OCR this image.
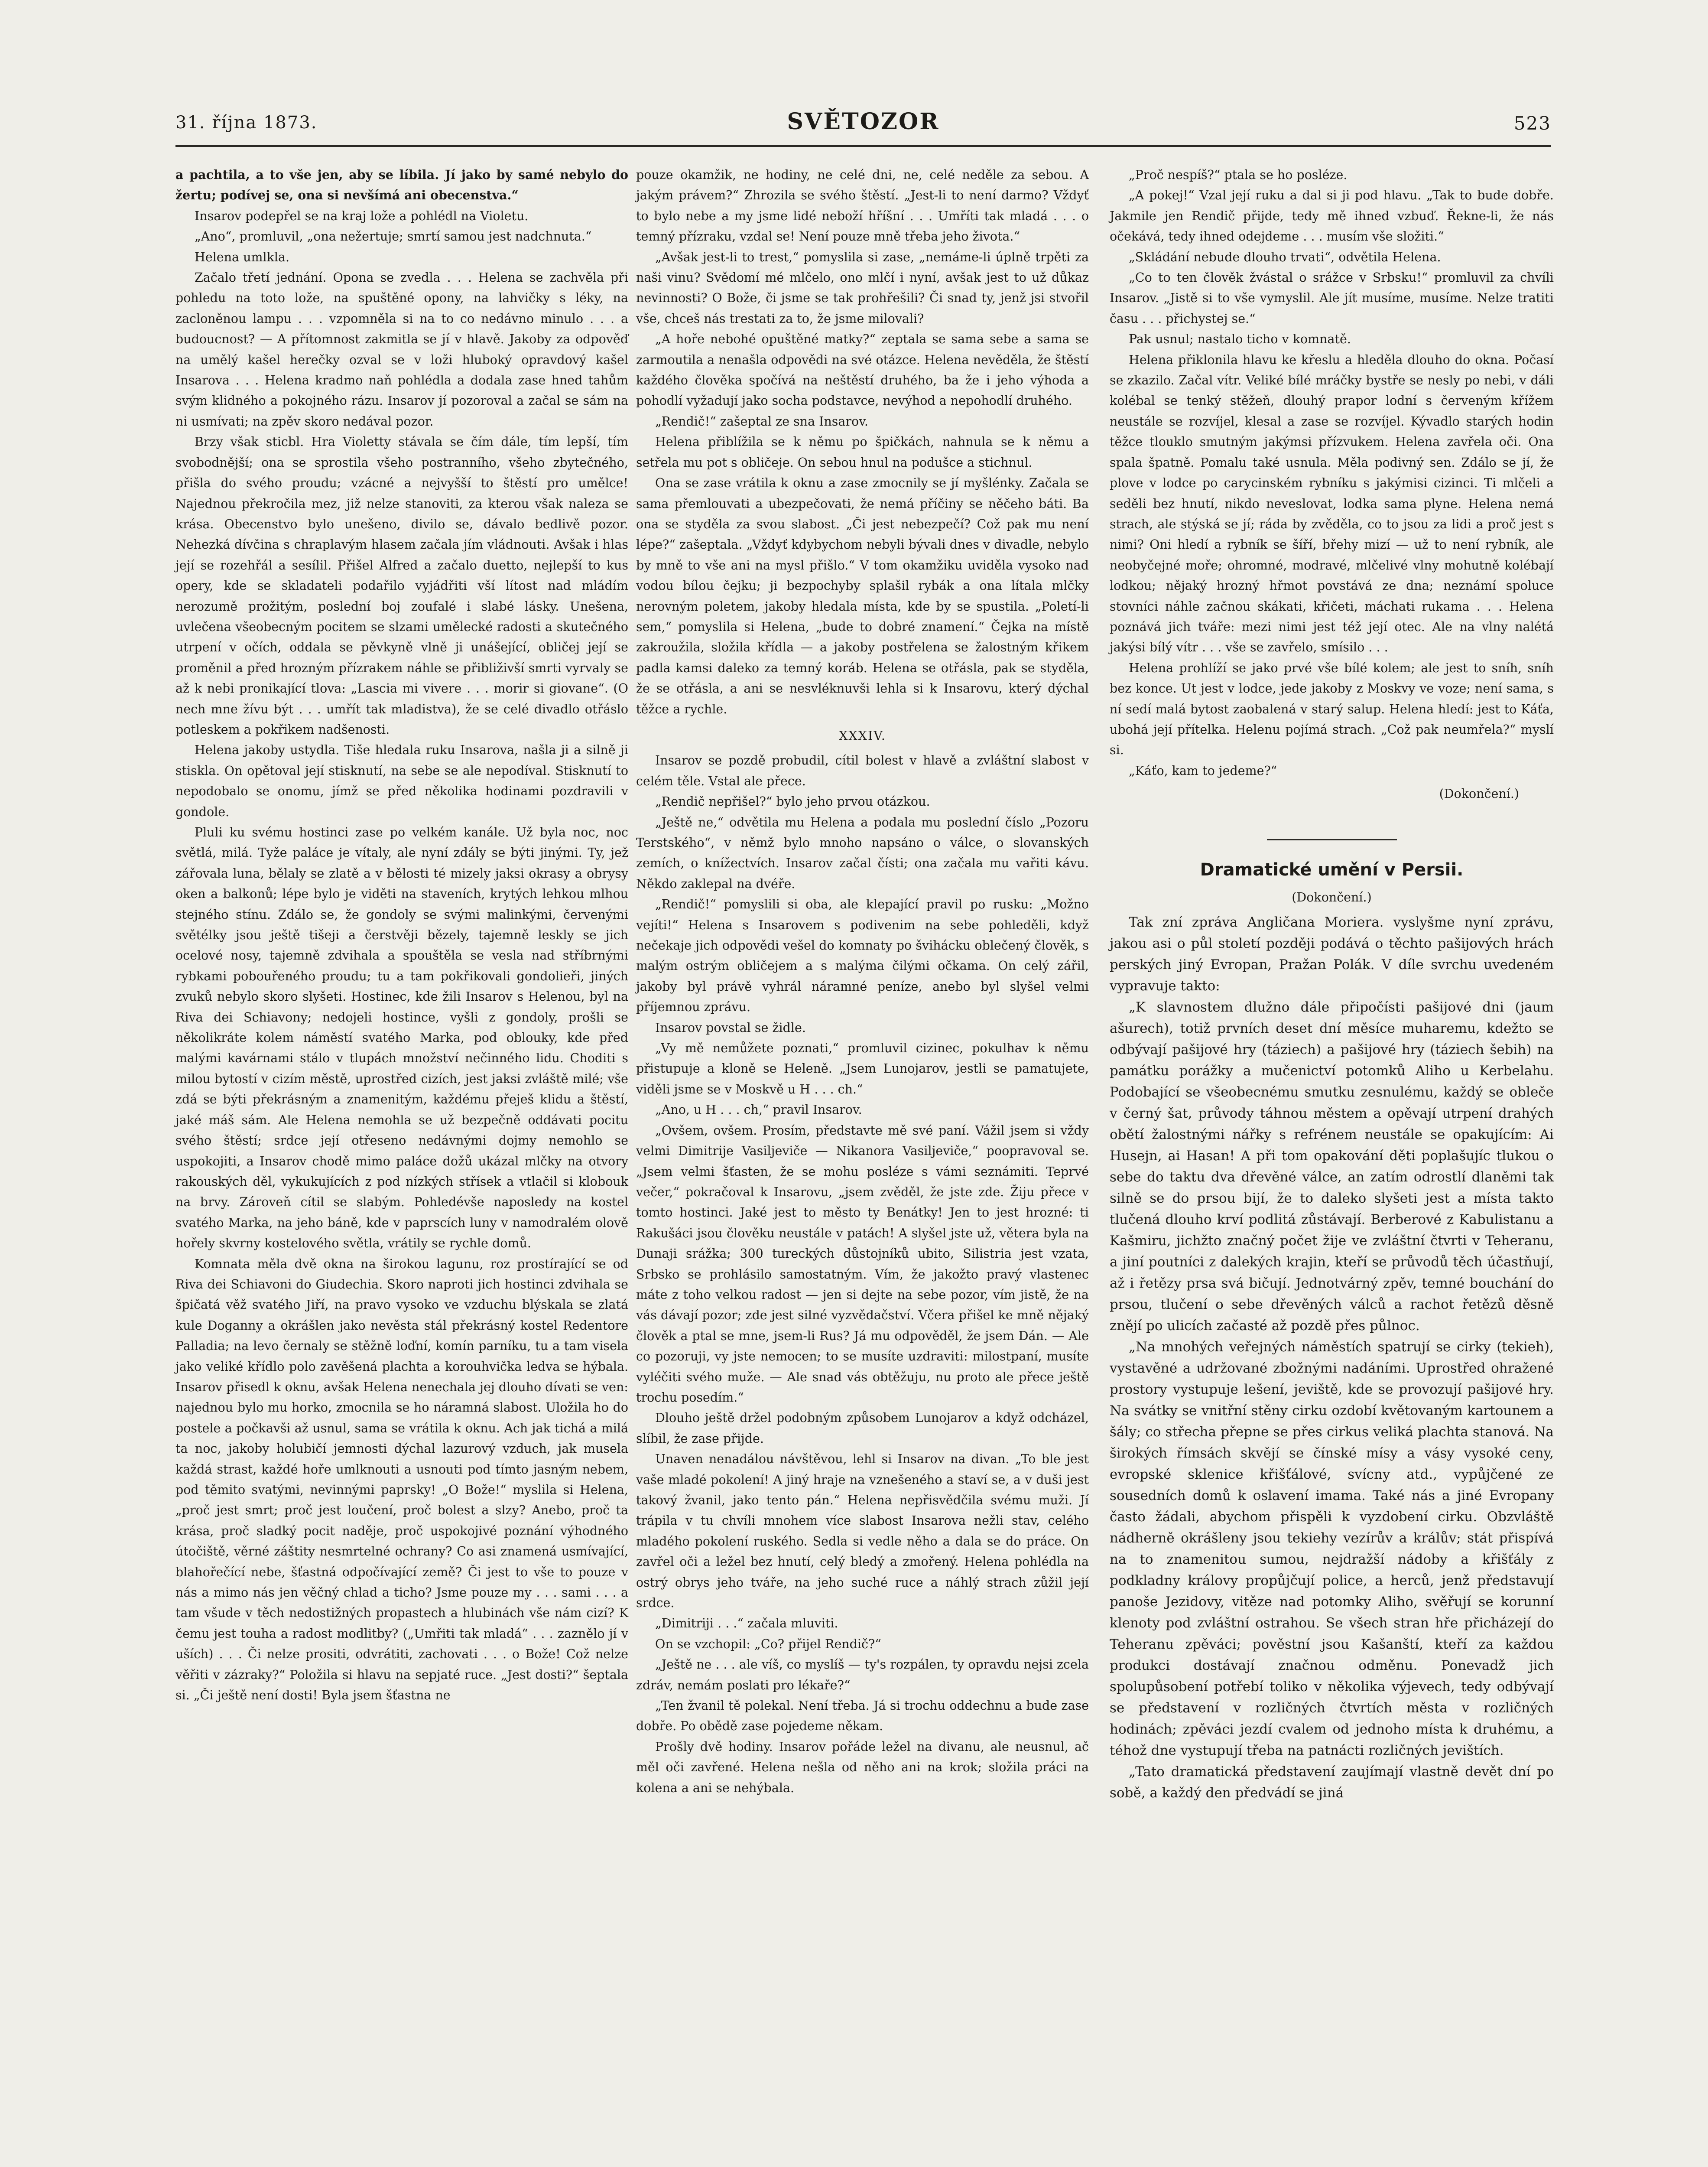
31. října 1873.	SVĚTOZOR	523

a pachtila, a to vše jen, aby se líbila. Jí jako by samé nebylo do žertu; podívej se, ona si nevšímá ani obecenstva.“

Insarov podepřel se na kraj lože a pohlédl na Violetu.

„Ano“, promluvil, „ona nežertuje; smrtí samou jest nadchnuta.“

Helena umlkla.

Začalo třetí jednání. Opona se zvedla . . . Helena se zachvěla při pohledu na toto lože, na spuštěné opony, na lahvičky s léky, na zacloněnou lampu . . . vzpomněla si na to co nedávno minulo . . . a budoucnost? — A přítomnost zakmitla se jí v hlavě. Jakoby za odpověď na umělý kašel herečky ozval se v loži hluboký opravdový kašel Insarova . . . Helena kradmo naň pohlédla a dodala zase hned tahům svým klidného a pokojného rázu. Insarov jí pozoroval a začal se sám na ni usmívati; na zpěv skoro nedával pozor.

Brzy však sticbl. Hra Violetty stávala se čím dále, tím lepší, tím svobodnější; ona se sprostila všeho postranního, všeho zbytečného, přišla do svého proudu; vzácné a nejvyšší to štěstí pro umělce! Najednou překročila mez, již nelze stanoviti, za kterou však naleza se krása. Obecenstvo bylo unešeno, divilo se, dávalo bedlivě pozor. Nehezká dívčina s chraplavým hlasem začala jím vládnouti. Avšak i hlas její se rozehřál a sesílil. Přišel Alfred a začalo duetto, nejlepší to kus opery, kde se skladateli podařilo vyjádřiti vší lítost nad mládím nerozumě prožitým, poslední boj zoufalé i slabé lásky. Unešena, uvlečena všeobecným pocitem se slzami umělecké radosti a skutečného utrpení v očích, oddala se pěvkyně vlně ji unášející, obličej její se proměnil a před hrozným přízrakem náhle se přibliživší smrti vyrvaly se až k nebi pronikající tlova: „Lascia mi vivere . . . morir si giovane“. (O nech mne žívu být . . . umřít tak mladistva), že se celé divadlo otřáslo potleskem a pokřikem nadšenosti.

Helena jakoby ustydla. Tiše hledala ruku Insarova, našla ji a silně ji stiskla. On opětoval její stisknutí, na sebe se ale nepodíval. Stisknutí to nepodobalo se onomu, jímž se před několika hodinami pozdravili v gondole.

Pluli ku svému hostinci zase po velkém kanále. Už byla noc, noc světlá, milá. Tyže paláce je vítaly, ale nyní zdály se býti jinými. Ty, jež zářovala luna, bělaly se zlatě a v bělosti té mizely jaksi okrasy a obrysy oken a balkonů; lépe bylo je viděti na staveních, krytých lehkou mlhou stejného stínu. Zdálo se, že gondoly se svými malinkými, červenými světélky jsou ještě tišeji a čerstvěji bězely, tajemně leskly se jich ocelové nosy, tajemně zdvihala a spouštěla se vesla nad stříbrnými rybkami pobouřeného proudu; tu a tam pokřikovali gondolieři, jiných zvuků nebylo skoro slyšeti. Hostinec, kde žili Insarov s Helenou, byl na Riva dei Schiavony; nedojeli hostince, vyšli z gondoly, prošli se několikráte kolem náměstí svatého Marka, pod oblouky, kde před malými kavárnami stálo v tlupách množství nečinného lidu. Choditi s milou bytostí v cizím městě, uprostřed cizích, jest jaksi zvláště milé; vše zdá se býti překrásným a znamenitým, každému přeješ klidu a štěstí, jaké máš sám. Ale Helena nemohla se už bezpečně oddávati pocitu svého štěstí; srdce její otřeseno nedávnými dojmy nemohlo se uspokojiti, a Insarov chodě mimo paláce dožů ukázal mlčky na otvory rakouských děl, vykukujících z pod nízkých střísek a vtlačil si klobouk na brvy. Zároveň cítil se slabým. Pohledévše naposledy na kostel svatého Marka, na jeho báně, kde v paprscích luny v namodralém olově hořely skvrny kostelového světla, vrátily se rychle domů.

Komnata měla dvě okna na širokou lagunu, roz prostírající se od Riva dei Schiavoni do Giudechia. Skoro naproti jich hostinci zdvihala se špičatá věž svatého Jiří, na pravo vysoko ve vzduchu blýskala se zlatá kule Doganny a okrášlen jako nevěsta stál překrásný kostel Redentore Palladia; na levo černaly se stěžně loďní, komín parníku, tu a tam visela jako veliké křídlo polo zavěšená plachta a korouhvička ledva se hýbala. Insarov přisedl k oknu, avšak Helena nenechala jej dlouho dívati se ven: najednou bylo mu horko, zmocnila se ho náramná slabost. Uložila ho do postele a počkavši až usnul, sama se vrátila k oknu. Ach jak tichá a milá ta noc, jakoby holubičí jemnosti dýchal lazurový vzduch, jak musela každá strast, každé hoře umlknouti a usnouti pod tímto jasným nebem, pod těmito svatými, nevinnými paprsky! „O Bože!“ myslila si Helena, „proč jest smrt; proč jest loučení, proč bolest a slzy? Anebo, proč ta krása, proč sladký pocit naděje, proč uspokojivé poznání výhodného útočiště, věrné záštity nesmrtelné ochrany? Co asi znamená usmívající, blahořečící nebe, šťastná odpočívající země? Či jest to vše to pouze v nás a mimo nás jen věčný chlad a ticho? Jsme pouze my . . . sami . . . a tam všude v těch nedostižných propastech a hlubinách vše nám cizí? K čemu jest touha a radost modlitby? („Umřiti tak mladá“ . . . zaznělo jí v uších) . . . Či nelze prositi, odvrátiti, zachovati . . . o Bože! Což nelze věřiti v zázraky?“ Položila si hlavu na sepjaté ruce. „Jest dosti?“ šeptala si. „Či ještě není dosti! Byla jsem šťastna ne

pouze okamžik, ne hodiny, ne celé dni, ne, celé neděle za sebou. A jakým právem?“ Zhrozila se svého štěstí. „Jest-li to není darmo? Vždyť to bylo nebe a my jsme lidé neboží hříšní . . . Umříti tak mladá . . . o temný přízraku, vzdal se! Není pouze mně třeba jeho života.“

„Avšak jest-li to trest,“ pomyslila si zase, „nemáme-li úplně trpěti za naši vinu? Svědomí mé mlčelo, ono mlčí i nyní, avšak jest to už důkaz nevinnosti? O Bože, či jsme se tak prohřešili? Či snad ty, jenž jsi stvořil vše, chceš nás trestati za to, že jsme milovali?

„A hoře nebohé opuštěné matky?“ zeptala se sama sebe a sama se zarmoutila a nenašla odpovědi na své otázce. Helena nevěděla, že štěstí každého člověka spočívá na neštěstí druhého, ba že i jeho výhoda a pohodlí vyžadují jako socha podstavce, nevýhod a nepohodlí druhého.

„Rendič!“ zašeptal ze sna Insarov.

Helena přiblížila se k němu po špičkách, nahnula se k němu a setřela mu pot s obličeje. On sebou hnul na podušce a stichnul.

Ona se zase vrátila k oknu a zase zmocnily se jí myšlénky. Začala se sama přemlouvati a ubezpečovati, že nemá příčiny se něčeho báti. Ba ona se styděla za svou slabost. „Či jest nebezpečí? Což pak mu není lépe?“ zašeptala. „Vždyť kdybychom nebyli bývali dnes v divadle, nebylo by mně to vše ani na mysl přišlo.“ V tom okamžiku uviděla vysoko nad vodou bílou čejku; ji bezpochyby splašil rybák a ona lítala mlčky nerovným poletem, jakoby hledala místa, kde by se spustila. „Poletí-li sem,“ pomyslila si Helena, „bude to dobré znamení.“ Čejka na místě zakroužila, složila křídla — a jakoby postřelena se žalostným křikem padla kamsi daleko za temný koráb. Helena se otřásla, pak se styděla, že se otřásla, a ani se nesvléknuvši lehla si k Insarovu, který dýchal těžce a rychle.

XXXIV.

Insarov se pozdě probudil, cítil bolest v hlavě a zvláštní slabost v celém těle. Vstal ale přece.

„Rendič nepřišel?“ bylo jeho prvou otázkou.

„Ještě ne,“ odvětila mu Helena a podala mu poslední číslo „Pozoru Terstského“, v němž bylo mnoho napsáno o válce, o slovanských zemích, o knížectvích. Insarov začal čísti; ona začala mu vařiti kávu. Někdo zaklepal na dvéře.

„Rendič!“ pomyslili si oba, ale klepající pravil po rusku: „Možno vejíti!“ Helena s Insarovem s podivenim na sebe pohleděli, když nečekaje jich odpovědi vešel do komnaty po švihácku oblečený člověk, s malým ostrým obličejem a s malýma čilými očkama. On celý zářil, jakoby byl právě vyhrál náramné peníze, anebo byl slyšel velmi příjemnou zprávu.

Insarov povstal se židle.

„Vy mě nemůžete poznati,“ promluvil cizinec, pokulhav k němu přistupuje a kloně se Heleně. „Jsem Lunojarov, jestli se pamatujete, viděli jsme se v Moskvě u H . . . ch.“

„Ano, u H . . . ch,“ pravil Insarov.

„Ovšem, ovšem. Prosím, představte mě své paní. Vážil jsem si vždy velmi Dimitrije Vasiljeviče — Nikanora Vasiljeviče,“ poopravoval se. „Jsem velmi šťasten, že se mohu posléze s vámi seznámiti. Teprvé večer,“ pokračoval k Insarovu, „jsem zvěděl, že jste zde. Žiju přece v tomto hostinci. Jaké jest to město ty Benátky! Jen to jest hrozné: ti Rakušáci jsou člověku neustále v patách! A slyšel jste už, větera byla na Dunaji srážka; 300 tureckých důstojníků ubito, Silistria jest vzata, Srbsko se prohlásilo samostatným. Vím, že jakožto pravý vlastenec máte z toho velkou radost — jen si dejte na sebe pozor, vím jistě, že na vás dávají pozor; zde jest silné vyzvědačství. Včera přišel ke mně nějaký člověk a ptal se mne, jsem-li Rus? Já mu odpověděl, že jsem Dán. — Ale co pozoruji, vy jste nemocen; to se musíte uzdraviti: milostpaní, musíte vyléčiti svého muže. — Ale snad vás obtěžuju, nu proto ale přece ještě trochu posedím.“

Dlouho ještě držel podobným způsobem Lunojarov a když odcházel, slíbil, že zase přijde.

Unaven nenadálou návštěvou, lehl si Insarov na divan. „To ble jest vaše mladé pokolení! A jiný hraje na vznešeného a staví se, a v duši jest takový žvanil, jako tento pán.“ Helena nepřisvědčila svému muži. Jí trápila v tu chvíli mnohem více slabost Insarova nežli stav, celého mladého pokolení ruského. Sedla si vedle něho a dala se do práce. On zavřel oči a ležel bez hnutí, celý bledý a zmořený. Helena pohlédla na ostrý obrys jeho tváře, na jeho suché ruce a náhlý strach zůžil její srdce.

„Dimitriji . . .“ začala mluviti.

On se vzchopil: „Co? přijel Rendič?“

„Ještě ne . . . ale víš, co myslíš — ty's rozpálen, ty opravdu nejsi zcela zdráv, nemám poslati pro lékaře?“

„Ten žvanil tě polekal. Není třeba. Já si trochu oddechnu a bude zase dobře. Po obědě zase pojedeme někam.

Prošly dvě hodiny. Insarov pořáde ležel na divanu, ale neusnul, ač měl oči zavřené. Helena nešla od něho ani na krok; složila práci na kolena a ani se nehýbala.

„Proč nespíš?“ ptala se ho posléze.

„A pokej!“ Vzal její ruku a dal si ji pod hlavu. „Tak to bude dobře. Jakmile jen Rendič přijde, tedy mě ihned vzbuď. Řekne-li, že nás očekává, tedy ihned odejdeme . . . musím vše složiti.“

„Skládání nebude dlouho trvati“, odvětila Helena.

„Co to ten člověk žvástal o srážce v Srbsku!“ promluvil za chvíli Insarov. „Jistě si to vše vymyslil. Ale jít musíme, musíme. Nelze tratiti času . . . přichystej se.“

Pak usnul; nastalo ticho v komnatě.

Helena přiklonila hlavu ke křeslu a hleděla dlouho do okna. Počasí se zkazilo. Začal vítr. Veliké bílé mráčky bystře se nesly po nebi, v dáli kolébal se tenký stěžeň, dlouhý prapor lodní s červeným křížem neustále se rozvíjel, klesal a zase se rozvíjel. Kývadlo starých hodin těžce tlouklo smutným jakýmsi přízvukem. Helena zavřela oči. Ona spala špatně. Pomalu také usnula. Měla podivný sen. Zdálo se jí, že plove v lodce po carycinském rybníku s jakýmisi cizinci. Ti mlčeli a seděli bez hnutí, nikdo neveslovat, lodka sama plyne. Helena nemá strach, ale stýská se jí; ráda by zvěděla, co to jsou za lidi a proč jest s nimi? Oni hledí a rybník se šíří, břehy mizí — už to není rybník, ale neobyčejné moře; ohromné, modravé, mlčelivé vlny mohutně kolébají lodkou; nějaký hrozný hřmot povstává ze dna; neznámí spoluce stovníci náhle začnou skákati, křičeti, máchati rukama . . . Helena poznává jich tváře: mezi nimi jest též její otec. Ale na vlny nalétá jakýsi bílý vítr . . . vše se zavřelo, smísilo . . .

Helena prohlíží se jako prvé vše bílé kolem; ale jest to sníh, sníh bez konce. Ut jest v lodce, jede jakoby z Moskvy ve voze; není sama, s ní sedí malá bytost zaobalená v starý salup. Helena hledí: jest to Káťa, ubohá její přítelka. Helenu pojímá strach. „Což pak neumřela?“ myslí si.

„Káťo, kam to jedeme?“

(Dokončení.)
Dramatické umění v Persii.
(Dokončení.)

Tak zní zpráva Angličana Moriera. vyslyšme nyní zprávu, jakou asi o půl století později podává o těchto pašijových hrách perských jiný Evropan, Pražan Polák. V díle svrchu uvedeném vypravuje takto:

„K slavnostem dlužno dále připočísti pašijové dni (jaum ašurech), totiž prvních deset dní měsíce muharemu, kdežto se odbývají pašijové hry (táziech) a pašijové hry (táziech šebih) na památku porážky a mučenictví potomků Aliho u Kerbelahu. Podobající se všeobecnému smutku zesnulému, každý se obleče v černý šat, průvody táhnou městem a opěvají utrpení drahých obětí žalostnými nářky s refrénem neustále se opakujícím: Ai Husejn, ai Hasan! A při tom opakování děti poplašujíc tlukou o sebe do taktu dva dřevěné válce, an zatím odrostlí dlaněmi tak silně se do prsou bijí, že to daleko slyšeti jest a místa takto tlučená dlouho krví podlitá zůstávají. Berberové z Kabulistanu a Kašmiru, jichžto značný počet žije ve zvláštní čtvrti v Teheranu, a jiní poutníci z dalekých krajin, kteří se průvodů těch účastňují, až i řetězy prsa svá bičují. Jednotvárný zpěv, temné bouchání do prsou, tlučení o sebe dřevěných válců a rachot řetězů děsně znějí po ulicích začasté až pozdě přes půlnoc.

„Na mnohých veřejných náměstích spatrují se cirky (tekieh), vystavěné a udržované zbožnými nadáními. Uprostřed ohražené prostory vystupuje lešení, jeviště, kde se provozují pašijové hry. Na svátky se vnitřní stěny cirku ozdobí květovaným kartounem a šály; co střecha přepne se přes cirkus veliká plachta stanová. Na širokých římsách skvějí se čínské mísy a vásy vysoké ceny, evropské sklenice křišťálové, svícny atd., vypůjčené ze sousedních domů k oslavení imama. Také nás a jiné Evropany často žádali, abychom přispěli k vyzdobení cirku. Obzvláště nádherně okrášleny jsou tekiehy vezírův a králův; stát přispívá na to znamenitou sumou, nejdražší nádoby a křišťály z podkladny královy propůjčují police, a herců, jenž představují panoše Jezidovy, vitěze nad potomky Aliho, svěřují se korunní klenoty pod zvláštní ostrahou. Se všech stran hře přicházejí do Teheranu zpěváci; pověstní jsou Kašanští, kteří za každou produkci dostávají značnou odměnu. Ponevadž jich spolupůsobení potřebí toliko v několika výjevech, tedy odbývají se představení v rozličných čtvrtích města v rozličných hodinách; zpěváci jezdí cvalem od jednoho místa k druhému, a téhož dne vystupují třeba na patnácti rozličných jevištích.

„Tato dramatická představení zaujímají vlastně devět dní po sobě, a každý den předvádí se jiná
